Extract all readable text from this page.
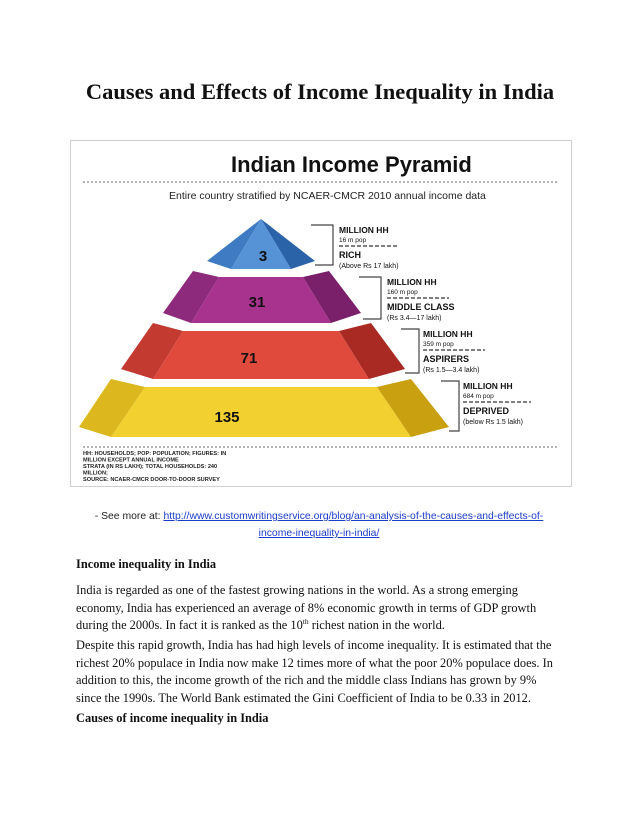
Causes and Effects of Income Inequality in India
Indian Income Pyramid
Entire country stratified by NCAER-CMCR 2010 annual income data
3
31
71
135
MILLION HH
16 m pop
RICH
(Above Rs 17 lakh)
MILLION HH
160 m pop
MIDDLE CLASS
(Rs 3.4—17 lakh)
MILLION HH
359 m pop
ASPIRERS
(Rs 1.5—3.4 lakh)
MILLION HH
684 m pop
DEPRIVED
(below Rs 1.5 lakh)
HH: HOUSEHOLDS; POP: POPULATION; FIGURES: IN
MILLION EXCEPT ANNUAL INCOME
STRATA (IN RS LAKH); TOTAL HOUSEHOLDS: 240
MILLION;
SOURCE: NCAER-CMCR DOOR-TO-DOOR SURVEY
- See more at: http://www.customwritingservice.org/blog/an-analysis-of-the-causes-and-effects-of-
income-inequality-in-india/
Income inequality in India

India is regarded as one of the fastest growing nations in the world. As a strong emerging economy, India has experienced an average of 8% economic growth in terms of GDP growth during the 2000s. In fact it is ranked as the 10th richest nation in the world.

Despite this rapid growth, India has had high levels of income inequality. It is estimated that the richest 20% populace in India now make 12 times more of what the poor 20% populace does. In addition to this, the income growth of the rich and the middle class Indians has grown by 9% since the 1990s. The World Bank estimated the Gini Coefficient of India to be 0.33 in 2012.

Causes of income inequality in India
